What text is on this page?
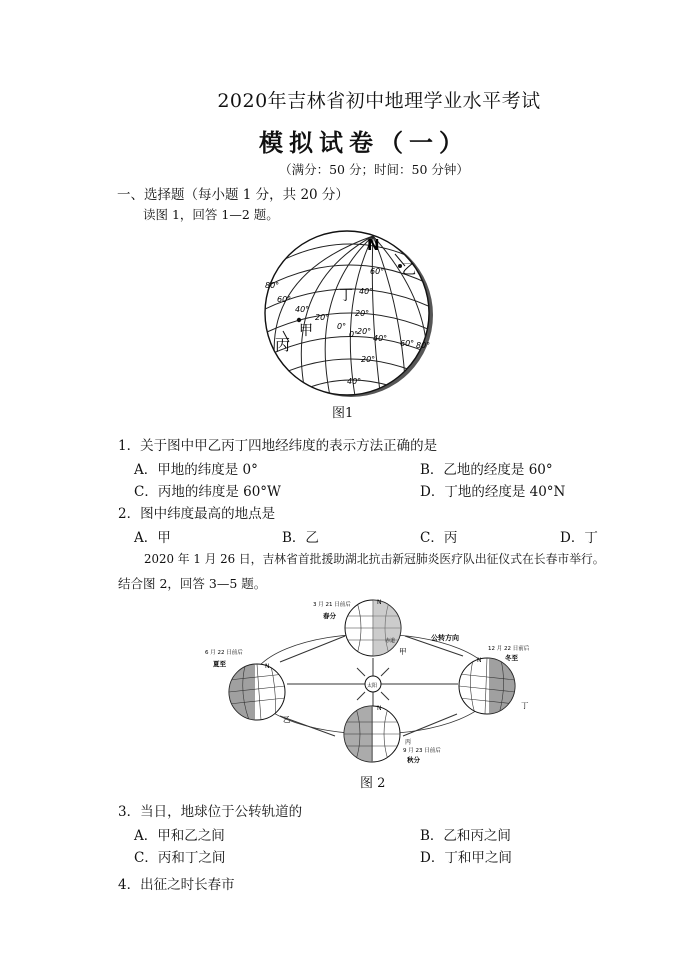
2020年吉林省初中地理学业水平考试
模拟试卷（一）
（满分：50 分；时间：50 分钟）
一、选择题（每小题 1 分，共 20 分）
读图 1，回答 1—2 题。
N
60°
40°
20°
0°
0°
20°
20°
40°
60°
80°
40°
60° 80°
20°
40°
乙
丁
甲
丙
图1
1．关于图中甲乙丙丁四地经纬度的表示方法正确的是
A．甲地的纬度是 0°	B．乙地的经度是 60°
C．丙地的纬度是 60°W	D．丁地的经度是 40°N
2．图中纬度最高的地点是
A．甲	B．乙	C．丙	D．丁
2020 年 1 月 26 日，吉林省首批援助湖北抗击新冠肺炎医疗队出征仪式在长春市举行。
结合图 2，回答 3—5 题。
太阳
3 月 21 日前后
春分
N
赤道
甲
公转方向
6 月 22 日前后
夏至	N
乙
12 月 22 日前后
冬至
N
丁
N
丙
9 月 23 日前后
秋分
图 2
3．当日，地球位于公转轨道的
A．甲和乙之间	B．乙和丙之间
C．丙和丁之间	D．丁和甲之间
4．出征之时长春市
